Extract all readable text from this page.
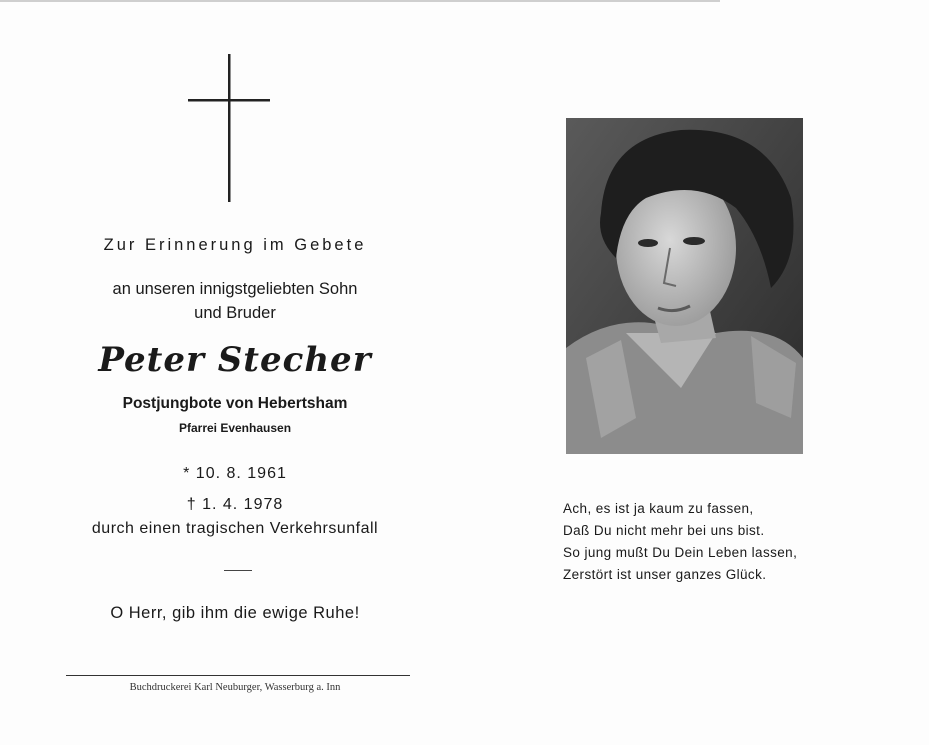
Zur Erinnerung im Gebete
an unseren innigstgeliebten Sohn
und Bruder
Peter Stecher
Postjungbote von Hebertsham
Pfarrei Evenhausen
* 10. 8. 1961
† 1. 4. 1978
durch einen tragischen Verkehrsunfall
O Herr, gib ihm die ewige Ruhe!
Buchdruckerei Karl Neuburger, Wasserburg a. Inn
Ach, es ist ja kaum zu fassen,
Daß Du nicht mehr bei uns bist.
So jung mußt Du Dein Leben lassen,
Zerstört ist unser ganzes Glück.
